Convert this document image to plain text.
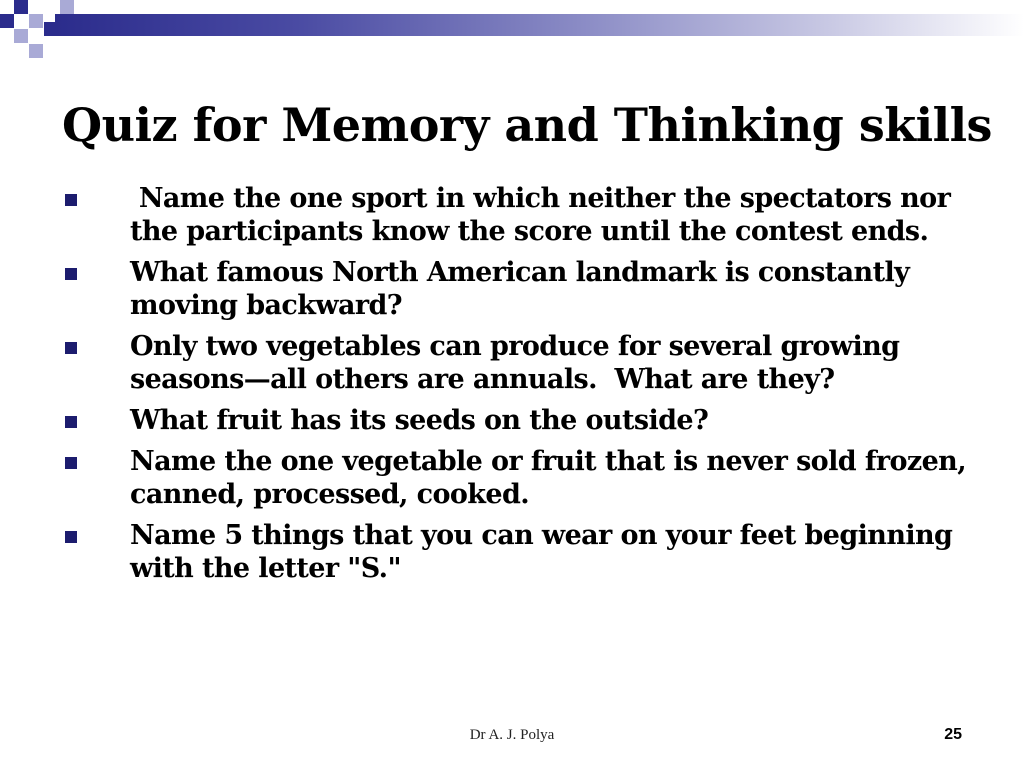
Quiz for Memory and Thinking skills
Name the one sport in which neither the spectators nor the participants know the score until the contest ends.
What famous North American landmark is constantly moving backward?
Only two vegetables can produce for several growing seasons—all others are annuals.  What are they?
What fruit has its seeds on the outside?
Name the one vegetable or fruit that is never sold frozen, canned, processed, cooked.
Name 5 things that you can wear on your feet beginning with the letter "S."
Dr A. J. Polya	25
